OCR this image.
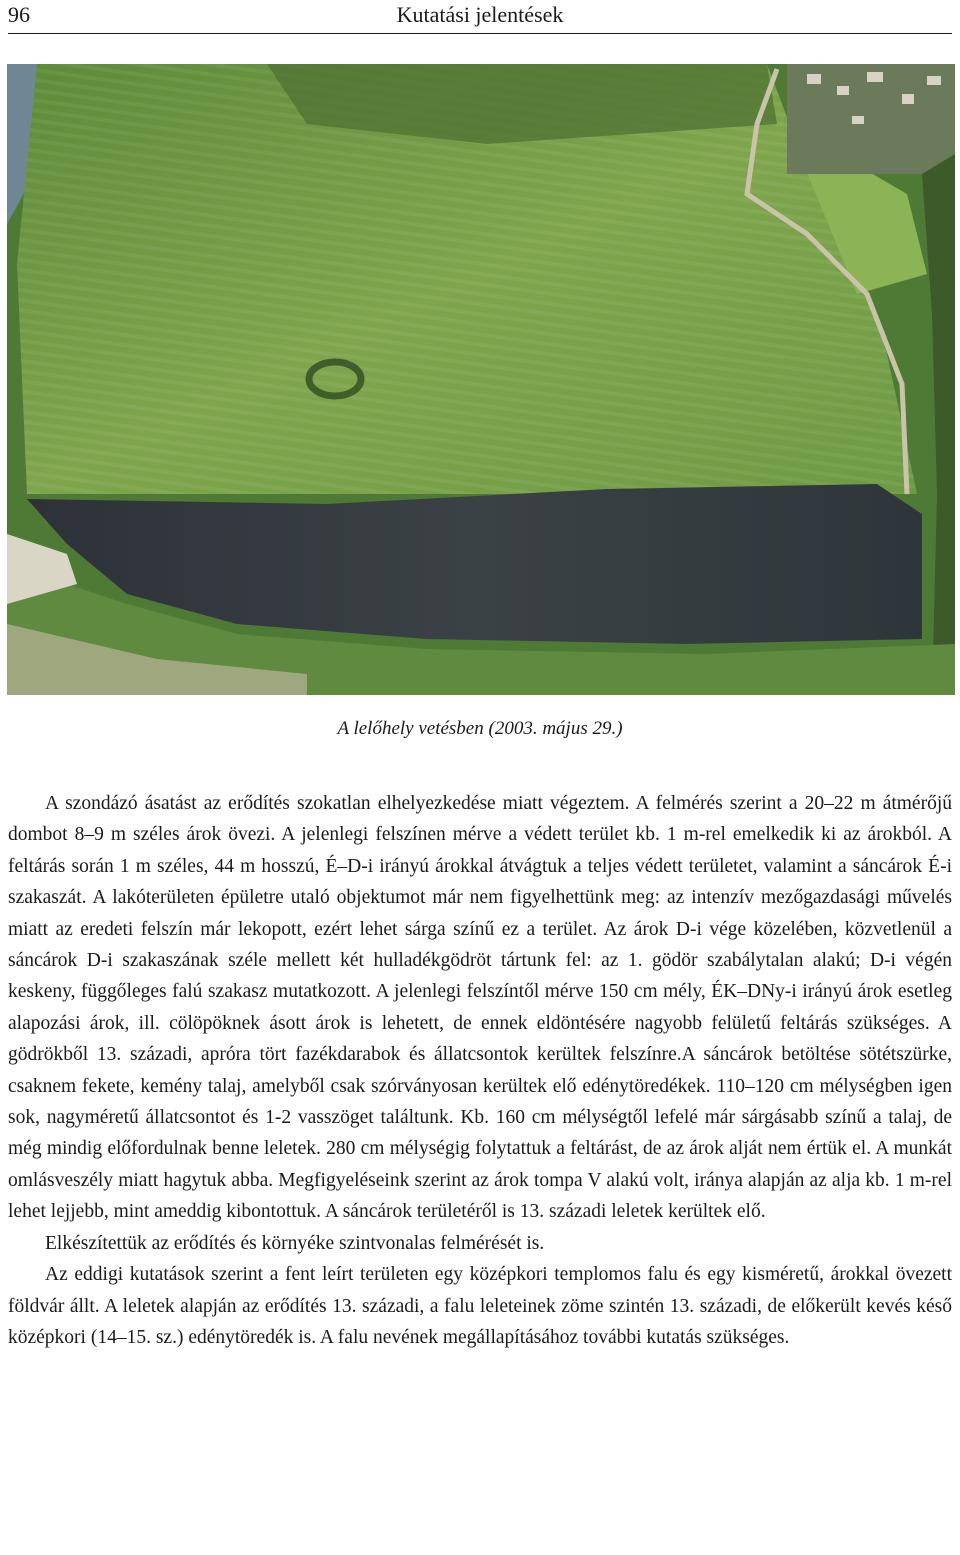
96	Kutatási jelentések
A lelőhely vetésben (2003. május 29.)

A szondázó ásatást az erődítés szokatlan elhelyezkedése miatt végeztem. A felmérés szerint a 20–22 m átmérőjű dombot 8–9 m széles árok övezi. A jelenlegi felszínen mérve a védett terület kb. 1 m-rel emelkedik ki az árokból. A feltárás során 1 m széles, 44 m hosszú, É–D-i irányú árokkal átvágtuk a teljes védett területet, valamint a sáncárok É-i szakaszát. A lakóterületen épületre utaló objektumot már nem figyelhettünk meg: az intenzív mezőgazdasági művelés miatt az eredeti felszín már lekopott, ezért lehet sárga színű ez a terület. Az árok D-i vége közelében, közvetlenül a sáncárok D-i szakaszának széle mellett két hulladékgödröt tártunk fel: az 1. gödör szabálytalan alakú; D-i végén keskeny, függőleges falú szakasz mutatkozott. A jelenlegi felszíntől mérve 150 cm mély, ÉK–DNy-i irányú árok esetleg alapozási árok, ill. cölöpöknek ásott árok is lehetett, de ennek eldöntésére nagyobb felületű feltárás szükséges. A gödrökből 13. századi, apróra tört fazékdarabok és állatcsontok kerültek felszínre.A sáncárok betöltése sötétszürke, csaknem fekete, kemény talaj, amelyből csak szórványosan kerültek elő edénytöredékek. 110–120 cm mélységben igen sok, nagyméretű állatcsontot és 1-2 vasszöget találtunk. Kb. 160 cm mélységtől lefelé már sárgásabb színű a talaj, de még mindig előfordulnak benne leletek. 280 cm mélységig folytattuk a feltárást, de az árok alját nem értük el. A munkát omlásveszély miatt hagytuk abba. Megfigyeléseink szerint az árok tompa V alakú volt, iránya alapján az alja kb. 1 m-rel lehet lejjebb, mint ameddig kibontottuk. A sáncárok területéről is 13. századi leletek kerültek elő.

Elkészítettük az erődítés és környéke szintvonalas felmérését is.

Az eddigi kutatások szerint a fent leírt területen egy középkori templomos falu és egy kisméretű, árokkal övezett földvár állt. A leletek alapján az erődítés 13. századi, a falu leleteinek zöme szintén 13. századi, de előkerült kevés késő középkori (14–15. sz.) edénytöredék is. A falu nevének megállapításához további kutatás szükséges.
